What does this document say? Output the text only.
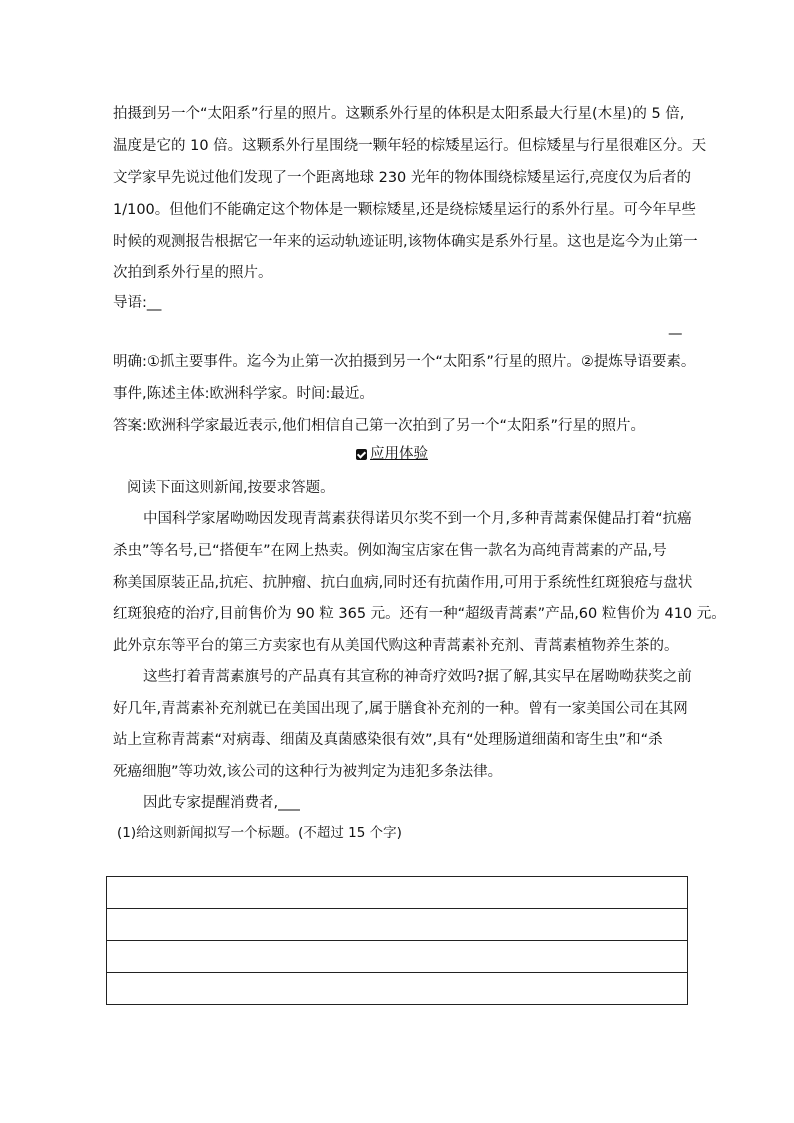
拍摄到另一个“太阳系”行星的照片。这颗系外行星的体积是太阳系最大行星(木星)的 5 倍,
温度是它的 10 倍。这颗系外行星围绕一颗年轻的棕矮星运行。但棕矮星与行星很难区分。天
文学家早先说过他们发现了一个距离地球 230 光年的物体围绕棕矮星运行,亮度仅为后者的
1/100。但他们不能确定这个物体是一颗棕矮星,还是绕棕矮星运行的系外行星。可今年早些
时候的观测报告根据它一年来的运动轨迹证明,该物体确实是系外行星。这也是迄今为止第一
次拍到系外行星的照片。
导语:__
—
明确:①抓主要事件。迄今为止第一次拍摄到另一个“太阳系”行星的照片。②提炼导语要素。
事件,陈述主体:欧洲科学家。时间:最近。
答案:欧洲科学家最近表示,他们相信自己第一次拍到了另一个“太阳系”行星的照片。
应用体验
阅读下面这则新闻,按要求答题。
中国科学家屠呦呦因发现青蒿素获得诺贝尔奖不到一个月,多种青蒿素保健品打着“抗癌
杀虫”等名号,已“搭便车”在网上热卖。例如淘宝店家在售一款名为高纯青蒿素的产品,号
称美国原装正品,抗疟、抗肿瘤、抗白血病,同时还有抗菌作用,可用于系统性红斑狼疮与盘状
红斑狼疮的治疗,目前售价为 90 粒 365 元。还有一种“超级青蒿素”产品,60 粒售价为 410 元。
此外京东等平台的第三方卖家也有从美国代购这种青蒿素补充剂、青蒿素植物养生茶的。
这些打着青蒿素旗号的产品真有其宣称的神奇疗效吗?据了解,其实早在屠呦呦获奖之前
好几年,青蒿素补充剂就已在美国出现了,属于膳食补充剂的一种。曾有一家美国公司在其网
站上宣称青蒿素“对病毒、细菌及真菌感染很有效”,具有“处理肠道细菌和寄生虫”和“杀
死癌细胞”等功效,该公司的这种行为被判定为违犯多条法律。
因此专家提醒消费者,___
(1)给这则新闻拟写一个标题。(不超过 15 个字)
